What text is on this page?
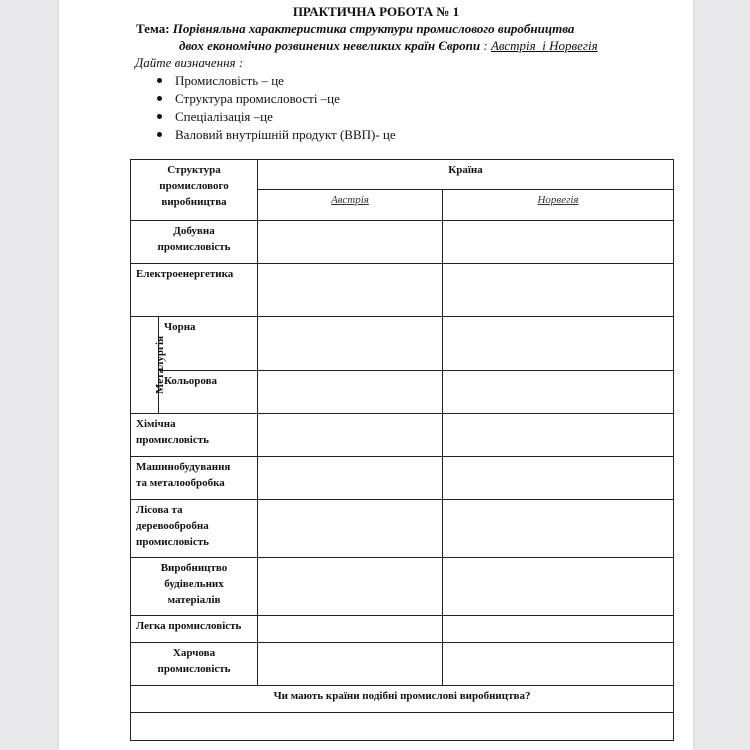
ПРАКТИЧНА РОБОТА № 1
Тема: Порівняльна характеристика структури промислового виробництва
двох економічно розвинених невеликих країн Європи : Австрія  і Норвегія
Дайте визначення :
Промисловість – це
Структура промисловості –це
Спеціалізація –це
Валовий внутрішній продукт (ВВП)- це
Структура
промислового
виробництва		Країна	
		Австрія	Норвегія

Добувна
промисловість			

Електроенергетика			
Металургія	Чорна		
	Кольорова		

Хімічна
промисловість			

Машинобудування
та металообробка			

Лісова та
деревообробна
промисловість			

Виробництво
будівельних
матеріалів			

Легка промисловість			

Харчова
промисловість			

Чи мають країни подібні промислові виробництва?			
